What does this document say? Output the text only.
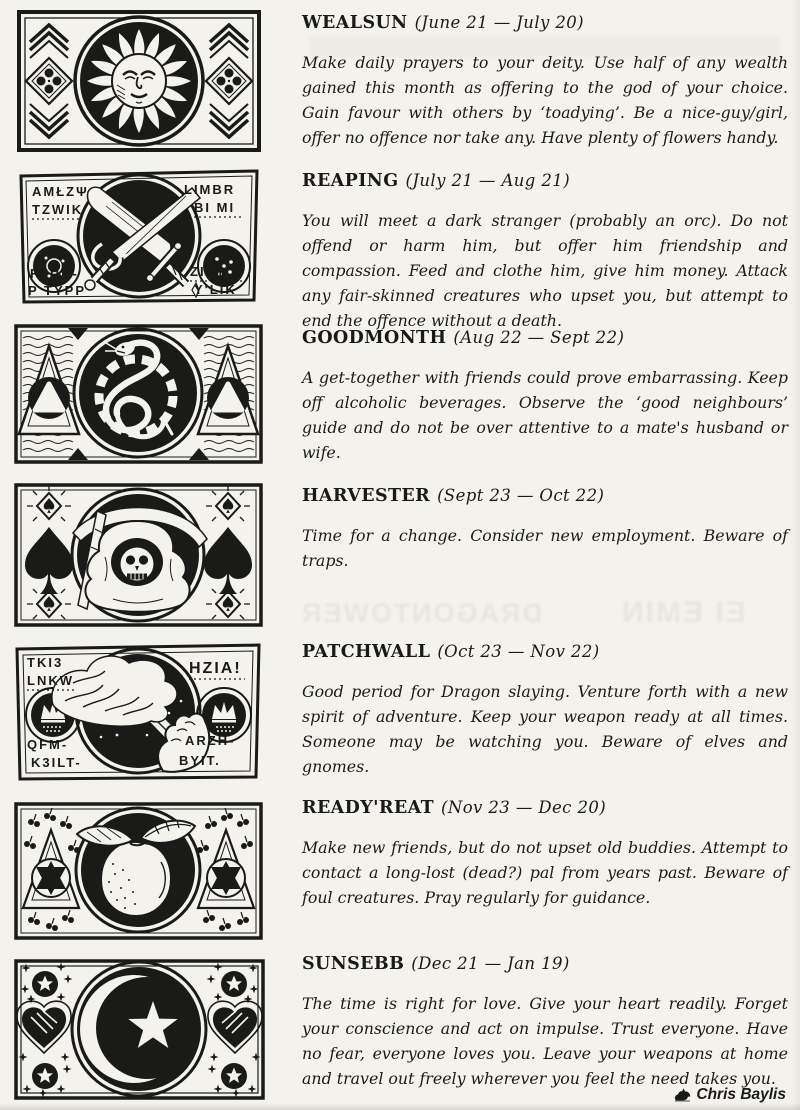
DRAGONTOWER	EI EMIN
AMŁZΨ
TZWIK
LIMBR
BI MI
FZIIR-
P TYPP
ZIIM-
Y'LIK
TKI3
LNKW
HZIA!
QFM-
K3ILT-
ARZH-
BYIT.
WEALSUN (June 21 — July 20)

Make daily prayers to your deity. Use half of any wealth gained this month as offering to the god of your choice. Gain favour with others by ‘toadying’. Be a nice-guy/girl, offer no offence nor take any. Have plenty of flowers handy.

REAPING (July 21 — Aug 21)

You will meet a dark stranger (probably an orc). Do not offend or harm him, but offer him friendship and compassion. Feed and clothe him, give him money. Attack any fair-skinned creatures who upset you, but attempt to end the offence without a death.

GOODMONTH (Aug 22 — Sept 22)

A get-together with friends could prove embarrassing. Keep off alcoholic beverages. Observe the ‘good neighbours’ guide and do not be over attentive to a mate's husband or wife.

HARVESTER (Sept 23 — Oct 22)

Time for a change. Consider new employment. Beware of traps.

PATCHWALL (Oct 23 — Nov 22)

Good period for Dragon slaying. Venture forth with a new spirit of adventure. Keep your weapon ready at all times. Someone may be watching you. Beware of elves and gnomes.

READY'REAT (Nov 23 — Dec 20)

Make new friends, but do not upset old buddies. Attempt to contact a long-lost (dead?) pal from years past. Beware of foul creatures. Pray regularly for guidance.

SUNSEBB (Dec 21 — Jan 19)

The time is right for love. Give your heart readily. Forget your conscience and act on impulse. Trust everyone. Have no fear, everyone loves you. Leave your weapons at home and travel out freely wherever you feel the need takes you.

Chris Baylis
